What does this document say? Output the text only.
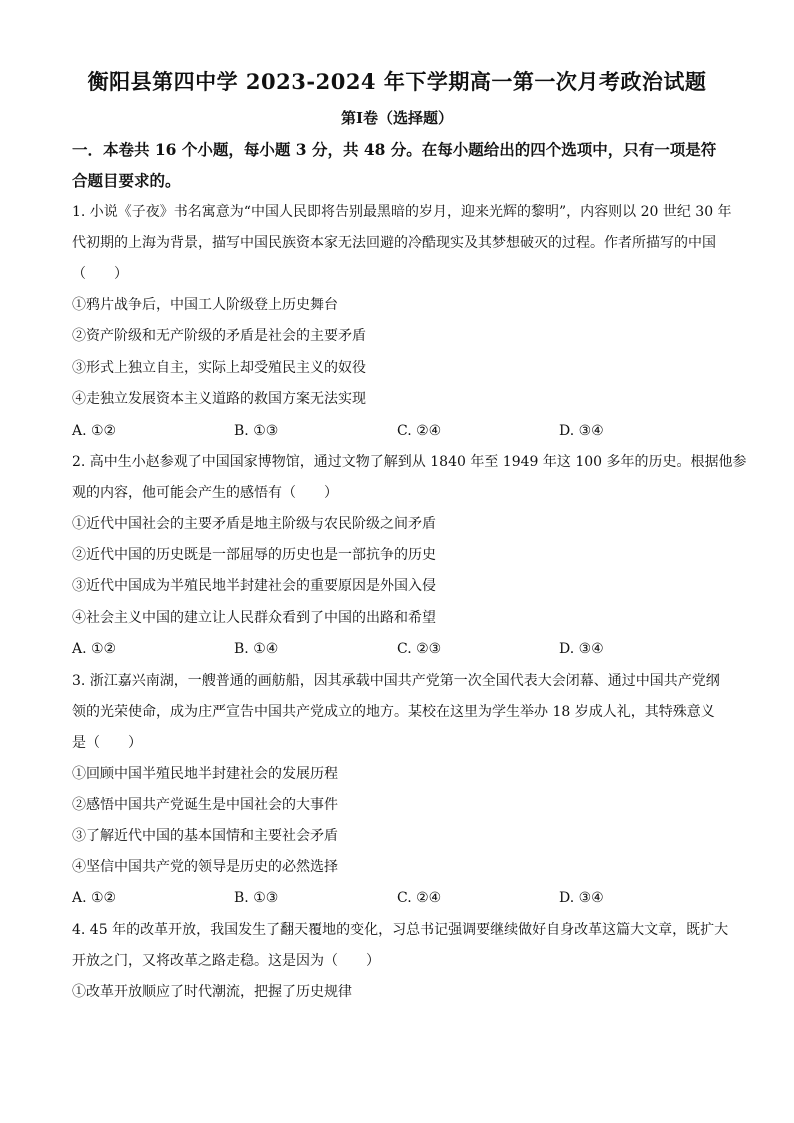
衡阳县第四中学 2023-2024 年下学期高一第一次月考政治试题
第Ⅰ卷（选择题）
一．本卷共 16 个小题，每小题 3 分，共 48 分。在每小题给出的四个选项中，只有一项是符
合题目要求的。
1. 小说《子夜》书名寓意为“中国人民即将告别最黑暗的岁月，迎来光辉的黎明”，内容则以 20 世纪 30 年
代初期的上海为背景，描写中国民族资本家无法回避的冷酷现实及其梦想破灭的过程。作者所描写的中国
（　　）
①鸦片战争后，中国工人阶级登上历史舞台
②资产阶级和无产阶级的矛盾是社会的主要矛盾
③形式上独立自主，实际上却受殖民主义的奴役
④走独立发展资本主义道路的救国方案无法实现
A. ①②	B. ①③	C. ②④	D. ③④
2. 高中生小赵参观了中国国家博物馆，通过文物了解到从 1840 年至 1949 年这 100 多年的历史。根据他参
观的内容，他可能会产生的感悟有（　　）
①近代中国社会的主要矛盾是地主阶级与农民阶级之间矛盾
②近代中国的历史既是一部屈辱的历史也是一部抗争的历史
③近代中国成为半殖民地半封建社会的重要原因是外国入侵
④社会主义中国的建立让人民群众看到了中国的出路和希望
A. ①②	B. ①④	C. ②③	D. ③④
3. 浙江嘉兴南湖，一艘普通的画舫船，因其承载中国共产党第一次全国代表大会闭幕、通过中国共产党纲
领的光荣使命，成为庄严宣告中国共产党成立的地方。某校在这里为学生举办 18 岁成人礼，其特殊意义
是（　　）
①回顾中国半殖民地半封建社会的发展历程
②感悟中国共产党诞生是中国社会的大事件
③了解近代中国的基本国情和主要社会矛盾
④坚信中国共产党的领导是历史的必然选择
A. ①②	B. ①③	C. ②④	D. ③④
4. 45 年的改革开放，我国发生了翻天覆地的变化，习总书记强调要继续做好自身改革这篇大文章，既扩大
开放之门，又将改革之路走稳。这是因为（　　）
①改革开放顺应了时代潮流，把握了历史规律
